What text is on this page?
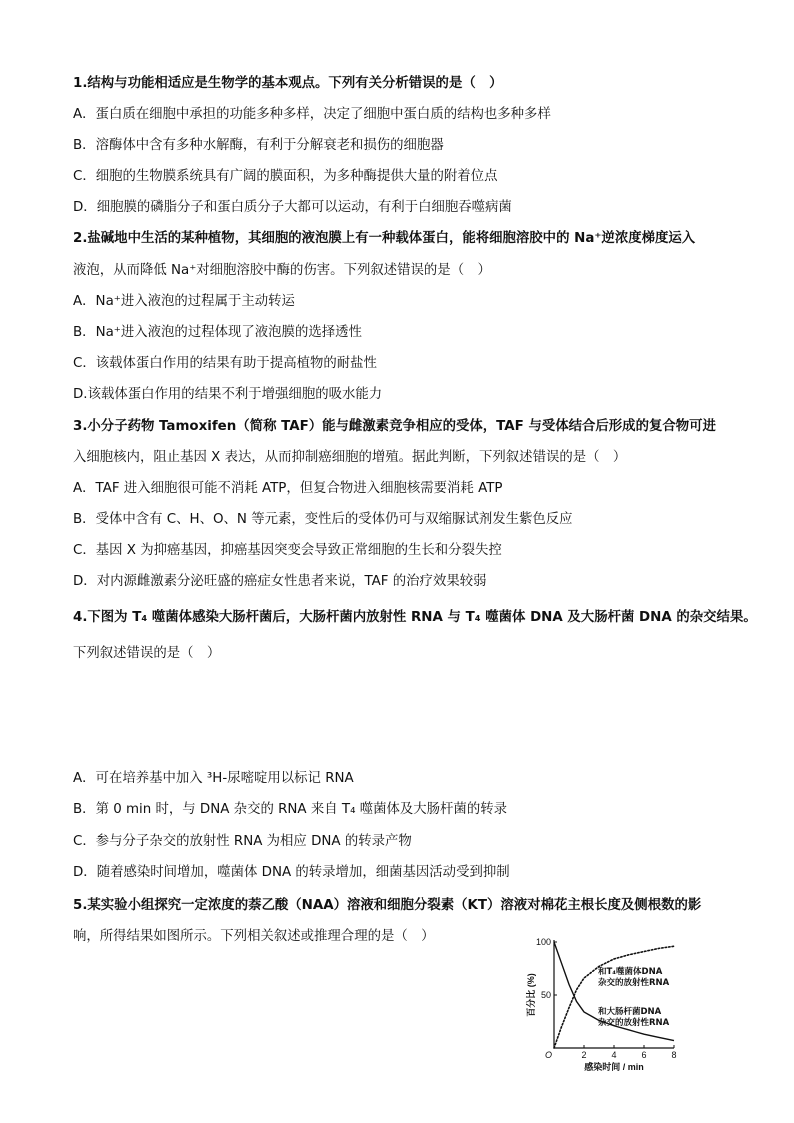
1.结构与功能相适应是生物学的基本观点。下列有关分析错误的是（　）

A．蛋白质在细胞中承担的功能多种多样，决定了细胞中蛋白质的结构也多种多样

B．溶酶体中含有多种水解酶，有利于分解衰老和损伤的细胞器

C．细胞的生物膜系统具有广阔的膜面积，为多种酶提供大量的附着位点

D．细胞膜的磷脂分子和蛋白质分子大都可以运动，有利于白细胞吞噬病菌

2.盐碱地中生活的某种植物，其细胞的液泡膜上有一种载体蛋白，能将细胞溶胶中的 Na⁺逆浓度梯度运入

液泡，从而降低 Na⁺对细胞溶胶中酶的伤害。下列叙述错误的是（　）

A．Na⁺进入液泡的过程属于主动转运

B．Na⁺进入液泡的过程体现了液泡膜的选择透性

C．该载体蛋白作用的结果有助于提高植物的耐盐性

D.该载体蛋白作用的结果不利于增强细胞的吸水能力

3.小分子药物 Tamoxifen（简称 TAF）能与雌激素竞争相应的受体，TAF 与受体结合后形成的复合物可进

入细胞核内，阻止基因 X 表达，从而抑制癌细胞的增殖。据此判断，下列叙述错误的是（　）

A．TAF 进入细胞很可能不消耗 ATP，但复合物进入细胞核需要消耗 ATP

B．受体中含有 C、H、O、N 等元素，变性后的受体仍可与双缩脲试剂发生紫色反应

C．基因 X 为抑癌基因，抑癌基因突变会导致正常细胞的生长和分裂失控

D．对内源雌激素分泌旺盛的癌症女性患者来说，TAF 的治疗效果较弱

4.下图为 T₄ 噬菌体感染大肠杆菌后，大肠杆菌内放射性 RNA 与 T₄ 噬菌体 DNA 及大肠杆菌 DNA 的杂交结果。

下列叙述错误的是（　）

A．可在培养基中加入 ³H-尿嘧啶用以标记 RNA

B．第 0 min 时，与 DNA 杂交的 RNA 来自 T₄ 噬菌体及大肠杆菌的转录

C．参与分子杂交的放射性 RNA 为相应 DNA 的转录产物

D．随着感染时间增加，噬菌体 DNA 的转录增加，细菌基因活动受到抑制

5.某实验小组探究一定浓度的萘乙酸（NAA）溶液和细胞分裂素（KT）溶液对棉花主根长度及侧根数的影

响，所得结果如图所示。下列相关叙述或推理合理的是（　）

2	4	6	8
50
100
百分比 (%)
感染时间 / min
O
和T₄噬菌体DNA
杂交的放射性RNA
和大肠杆菌DNA
杂交的放射性RNA
